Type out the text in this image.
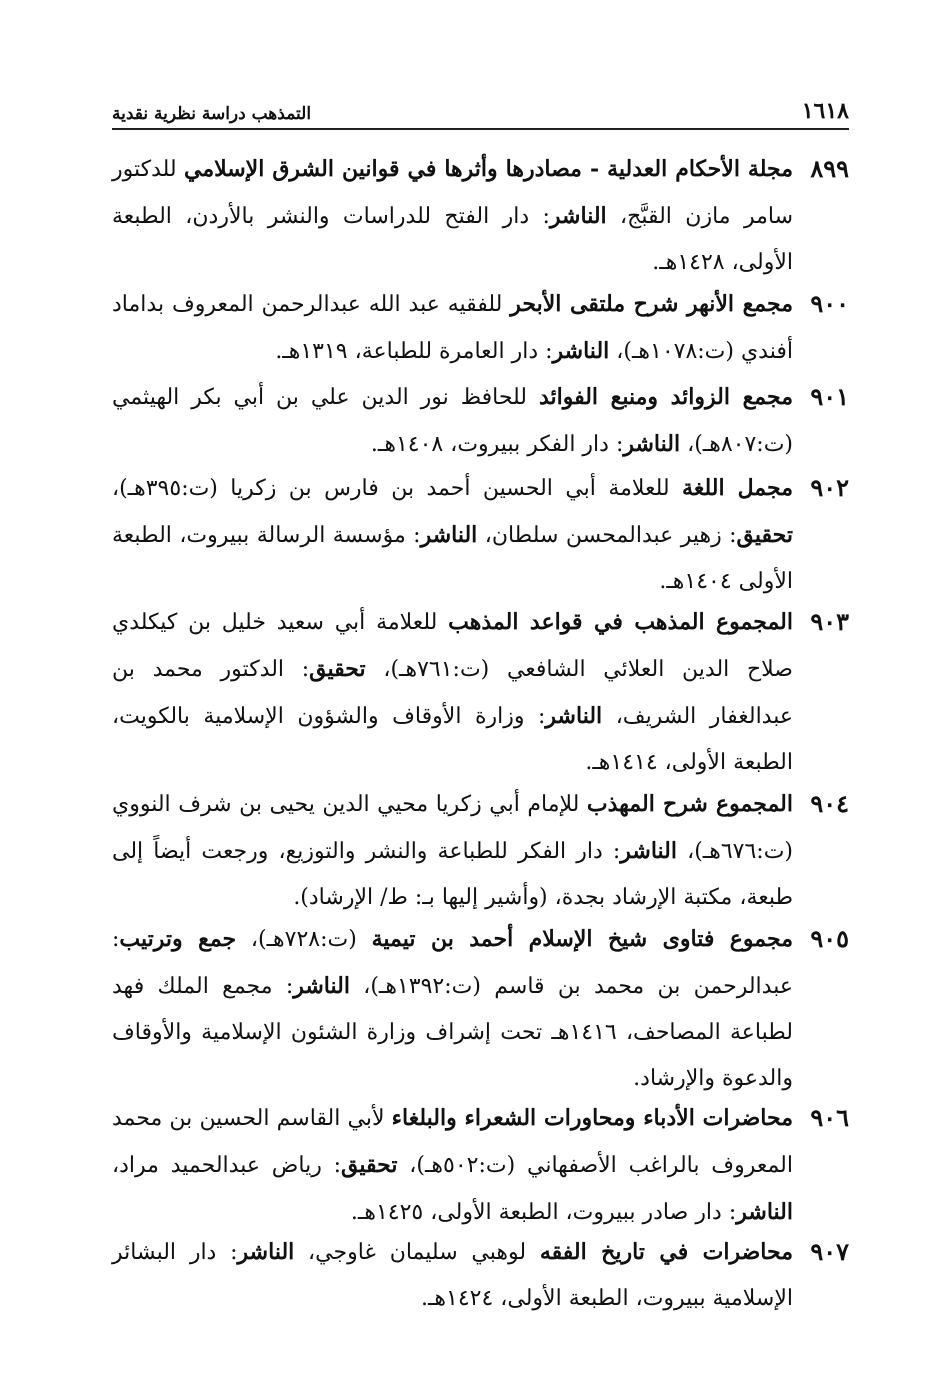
١٦١٨
التمذهب دراسة نظرية نقدية
٨٩٩
مجلة الأحكام العدلية - مصادرها وأثرها في قوانين الشرق الإسلامي للدكتور سامر مازن القبَّج، الناشر: دار الفتح للدراسات والنشر بالأردن، الطبعة الأولى، ١٤٢٨هـ.
٩٠٠
مجمع الأنهر شرح ملتقى الأبحر للفقيه عبد الله عبدالرحمن المعروف بداماد أفندي (ت:١٠٧٨هـ)، الناشر: دار العامرة للطباعة، ١٣١٩هـ.
٩٠١
مجمع الزوائد ومنبع الفوائد للحافظ نور الدين علي بن أبي بكر الهيثمي (ت:٨٠٧هـ)، الناشر: دار الفكر ببيروت، ١٤٠٨هـ.
٩٠٢
مجمل اللغة للعلامة أبي الحسين أحمد بن فارس بن زكريا (ت:٣٩٥هـ)، تحقيق: زهير عبدالمحسن سلطان، الناشر: مؤسسة الرسالة ببيروت، الطبعة الأولى ١٤٠٤هـ.
٩٠٣
المجموع المذهب في قواعد المذهب للعلامة أبي سعيد خليل بن كيكلدي صلاح الدين العلائي الشافعي (ت:٧٦١هـ)، تحقيق: الدكتور محمد بن عبدالغفار الشريف، الناشر: وزارة الأوقاف والشؤون الإسلامية بالكويت، الطبعة الأولى، ١٤١٤هـ.
٩٠٤
المجموع شرح المهذب للإمام أبي زكريا محيي الدين يحيى بن شرف النووي (ت:٦٧٦هـ)، الناشر: دار الفكر للطباعة والنشر والتوزيع، ورجعت أيضاً إلى طبعة، مكتبة الإرشاد بجدة، (وأشير إليها بـ: ط/ الإرشاد).
٩٠٥
مجموع فتاوى شيخ الإسلام أحمد بن تيمية (ت:٧٢٨هـ)، جمع وترتيب: عبدالرحمن بن محمد بن قاسم (ت:١٣٩٢هـ)، الناشر: مجمع الملك فهد لطباعة المصاحف، ١٤١٦هـ تحت إشراف وزارة الشئون الإسلامية والأوقاف والدعوة والإرشاد.
٩٠٦
محاضرات الأدباء ومحاورات الشعراء والبلغاء لأبي القاسم الحسين بن محمد المعروف بالراغب الأصفهاني (ت:٥٠٢هـ)، تحقيق: رياض عبدالحميد مراد، الناشر: دار صادر ببيروت، الطبعة الأولى، ١٤٢٥هـ.
٩٠٧
محاضرات في تاريخ الفقه لوهبي سليمان غاوجي، الناشر: دار البشائر الإسلامية ببيروت، الطبعة الأولى، ١٤٢٤هـ.
